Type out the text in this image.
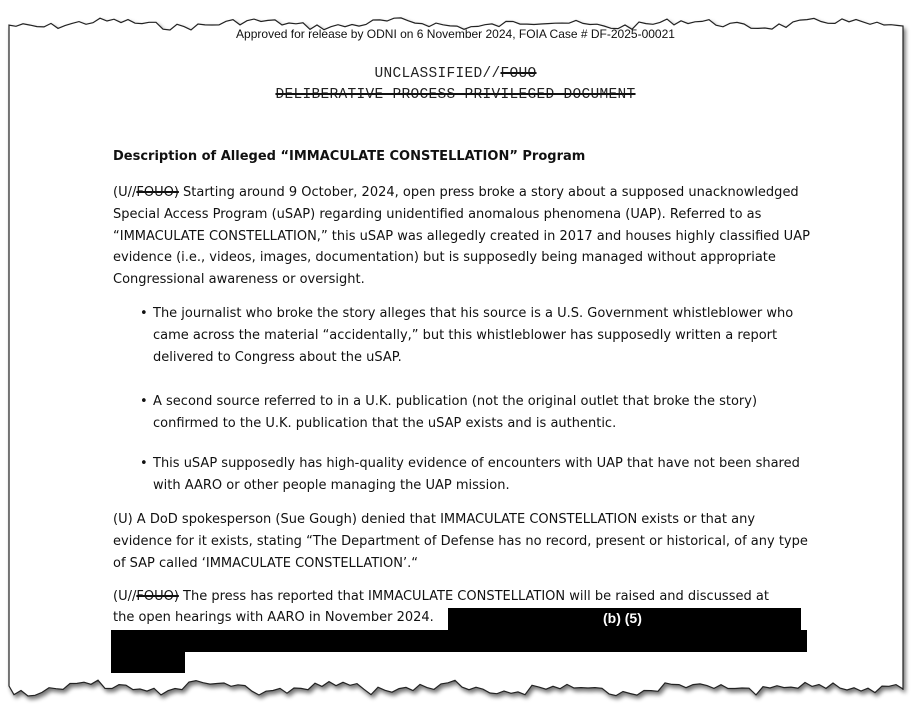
Approved for release by ODNI on 6 November 2024, FOIA Case # DF-2025-00021
UNCLASSIFIED//FOUO
DELIBERATIVE PROCESS PRIVILEGED DOCUMENT
Description of Alleged “IMMACULATE CONSTELLATION” Program
(U//FOUO) Starting around 9 October, 2024, open press broke a story about a supposed unacknowledged Special Access Program (uSAP) regarding unidentified anomalous phenomena (UAP). Referred to as “IMMACULATE CONSTELLATION,” this uSAP was allegedly created in 2017 and houses highly classified UAP evidence (i.e., videos, images, documentation) but is supposedly being managed without appropriate Congressional awareness or oversight.
• The journalist who broke the story alleges that his source is a U.S. Government whistleblower who came across the material “accidentally,” but this whistleblower has supposedly written a report delivered to Congress about the uSAP.
• A second source referred to in a U.K. publication (not the original outlet that broke the story) confirmed to the U.K. publication that the uSAP exists and is authentic.
• This uSAP supposedly has high-quality evidence of encounters with UAP that have not been shared with AARO or other people managing the UAP mission.
(U) A DoD spokesperson (Sue Gough) denied that IMMACULATE CONSTELLATION exists or that any evidence for it exists, stating “The Department of Defense has no record, present or historical, of any type of SAP called ‘IMMACULATE CONSTELLATION’.“
(U//FOUO) The press has reported that IMMACULATE CONSTELLATION will be raised and discussed at
the open hearings with AARO in November 2024.	(b) (5)
